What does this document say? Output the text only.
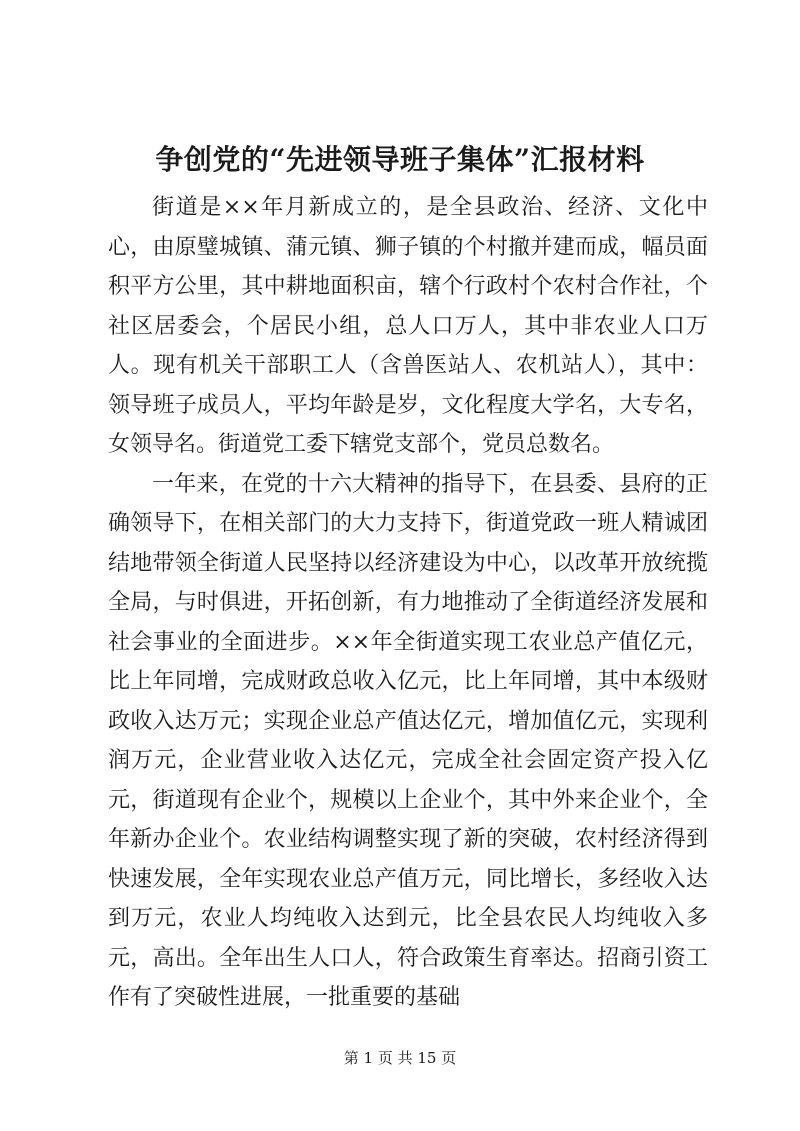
争创党的“先进领导班子集体”汇报材料

街道是××年月新成立的，是全县政治、经济、文化中心，由原璧城镇、蒲元镇、狮子镇的个村撤并建而成，幅员面积平方公里，其中耕地面积亩，辖个行政村个农村合作社，个社区居委会，个居民小组，总人口万人，其中非农业人口万人。现有机关干部职工人（含兽医站人、农机站人），其中：领导班子成员人，平均年龄是岁，文化程度大学名，大专名，女领导名。街道党工委下辖党支部个，党员总数名。

一年来，在党的十六大精神的指导下，在县委、县府的正确领导下，在相关部门的大力支持下，街道党政一班人精诚团结地带领全街道人民坚持以经济建设为中心，以改革开放统揽全局，与时俱进，开拓创新，有力地推动了全街道经济发展和社会事业的全面进步。××年全街道实现工农业总产值亿元，比上年同增，完成财政总收入亿元，比上年同增，其中本级财政收入达万元；实现企业总产值达亿元，增加值亿元，实现利润万元，企业营业收入达亿元，完成全社会固定资产投入亿元，街道现有企业个，规模以上企业个，其中外来企业个，全年新办企业个。农业结构调整实现了新的突破，农村经济得到快速发展，全年实现农业总产值万元，同比增长，多经收入达到万元，农业人均纯收入达到元，比全县农民人均纯收入多元，高出。全年出生人口人，符合政策生育率达。招商引资工作有了突破性进展，一批重要的基础

第 1 页 共 15 页
